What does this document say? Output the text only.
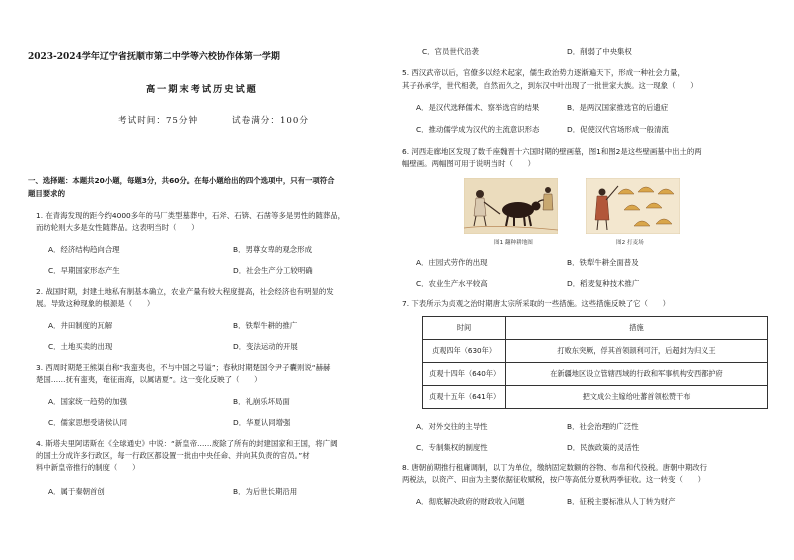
2023-2024学年辽宁省抚顺市第二中学等六校协作体第一学期
高一期末考试历史试题
考试时间：75分钟	试卷满分：100分
一、选择题：本题共20小题，每题3分，共60分。在每小题给出的四个选项中，只有一项符合
题目要求的
1. 在青海发现的距今约4000多年的马厂类型墓葬中，石斧、石锛、石凿等多是男性的随葬品，
而纺轮则大多是女性随葬品。这表明当时（　　）
A．经济结构趋向合理	B．男尊女卑的观念形成
C．早期国家形态产生	D．社会生产分工较明确
2. 战国时期，封建土地私有制基本确立，农业产量有较大程度提高，社会经济也有明显的发
展。导致这种现象的根源是（　　）
A．井田制度的瓦解	B．铁犁牛耕的推广
C．土地买卖的出现	D．变法运动的开展
3. 西周时期楚王熊渠自称“我蛮夷也，不与中国之号谥”；春秋时期楚国令尹子囊则说“赫赫
楚国……抚有蛮夷，奄征南海，以属诸夏”。这一变化反映了（　　）
A．国家统一趋势的加强	B．礼崩乐坏局面
C．儒家思想受诸侯认同	D．华夏认同增强
4. 斯塔夫里阿诺斯在《全球通史》中说：“新皇帝……废除了所有的封建国家和王国，将广阔
的国土分成许多行政区，每一行政区都设置一批由中央任命、并向其负责的官员。”材
料中新皇帝推行的制度（　　）
A．属于秦朝首创	B．为后世长期沿用
C．官员世代沿袭	D．削弱了中央集权
5. 西汉武帝以后，官僚多以经术起家，儒生政治势力逐渐遍天下，形成一种社会力量，
其子孙承学，世代相袭，自然而久之，到东汉中叶出现了一批世家大族。这一现象（　　）
A．是汉代选释儒术、察举选官的结果	B．是两汉国家推选官的后遗症
C．推动儒学成为汉代的主流意识形态	D．促使汉代官场形成一般清流
6. 河西走廊地区发现了数千座魏晋十六国时期的壁画墓，图1和图2是这些壁画墓中出土的两
幅壁画。两幅图可用于说明当时（　　）
图1 翻种耕地图	图2 打麦场
A．庄园式劳作的出现	B．铁犁牛耕全面普及
C．农业生产水平较高	D．稻麦复种技术推广
7. 下表所示为贞观之治时期唐太宗所采取的一些措施。这些措施反映了它（　　）
时间	措施
贞观四年（630年）	打败东突厥，俘其首领颉利可汗，后超封为归义王
贞观十四年（640年）	在新疆地区设立管辖西域的行政和军事机构安西都护府
贞观十五年（641年）	把文成公主嫁给吐蕃首领松赞干布
A．对外交往的主导性	B．社会治理的广泛性
C．专制集权的制度性	D．民族政策的灵活性
8. 唐朝前期推行租庸调制，以丁为单位，缴纳固定数额的谷物、布帛和代役税。唐朝中期改行
两税法，以资产、田亩为主要依据征收赋税，按户等高低分夏秋两季征收。这一转变（　　）
A．彻底解决政府的财政收入问题	B．征税主要标准从人丁转为财产
